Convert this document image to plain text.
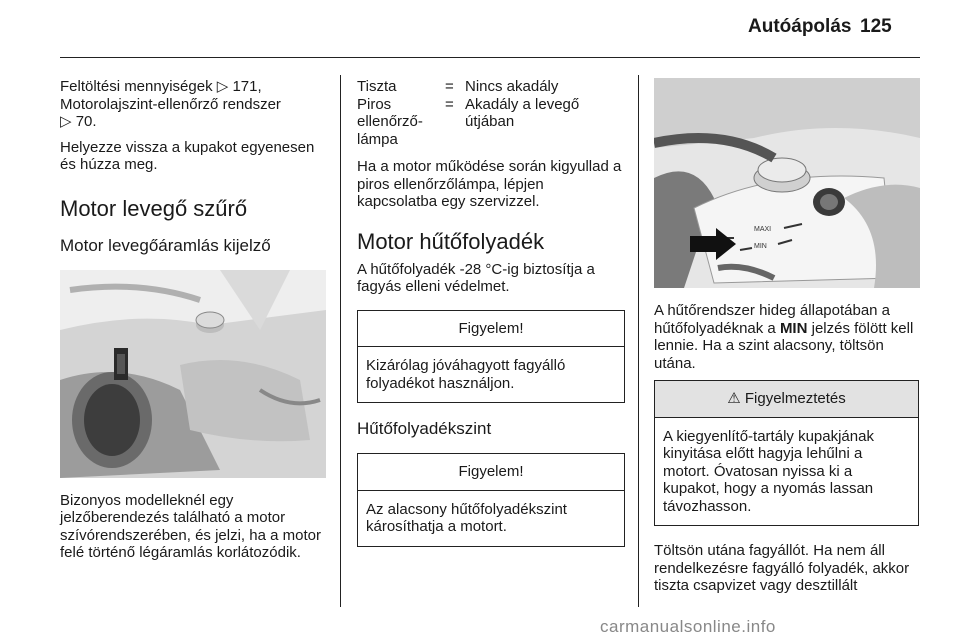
Autóápolás 125

Feltöltési mennyiségek ▷ 171,
Motorolajszint-ellenőrző rendszer
▷ 70.

Helyezze vissza a kupakot egyenesen és húzza meg.

Motor levegő szűrő
Motor levegőáramlás kijelző

Bizonyos modelleknél egy jelzőberendezés található a motor szívórendszerében, és jelzi, ha a motor felé történő légáramlás korlátozódik.

Tiszta	= Nincs akadály
Piros ellenőrző-lámpa
= Akadály a levegő útjában

Ha a motor működése során kigyullad a piros ellenőrzőlámpa, lépjen kapcsolatba egy szervizzel.

Motor hűtőfolyadék

A hűtőfolyadék -28 °C-ig biztosítja a fagyás elleni védelmet.

Figyelem!
Kizárólag jóváhagyott fagyálló folyadékot használjon.
Hűtőfolyadékszint
Figyelem!
Az alacsony hűtőfolyadékszint károsíthatja a motort.
MAXI
MIN

A hűtőrendszer hideg állapotában a hűtőfolyadéknak a MIN jelzés fölött kell lennie. Ha a szint alacsony, töltsön utána.

⚠ Figyelmeztetés
A kiegyenlítő-tartály kupakjának kinyitása előtt hagyja lehűlni a motort. Óvatosan nyissa ki a kupakot, hogy a nyomás lassan távozhasson.

Töltsön utána fagyállót. Ha nem áll rendelkezésre fagyálló folyadék, akkor tiszta csapvizet vagy desztillált

carmanualsonline.info
